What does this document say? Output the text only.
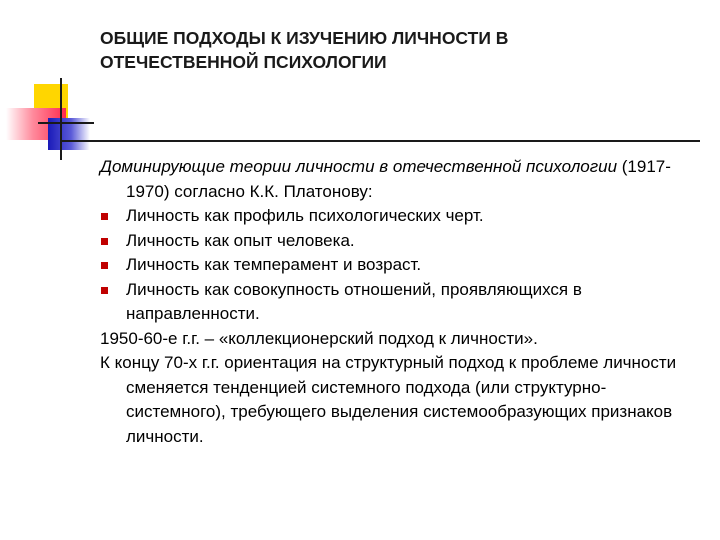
ОБЩИЕ ПОДХОДЫ К ИЗУЧЕНИЮ ЛИЧНОСТИ В
ОТЕЧЕСТВЕННОЙ ПСИХОЛОГИИ

Доминирующие теории личности в отечественной психологии (1917-1970) согласно К.К. Платонову:

Личность как профиль психологических черт.

Личность как опыт человека.

Личность как темперамент и возраст.

Личность как совокупность отношений, проявляющихся в направленности.

1950-60-е г.г. – «коллекционерский подход к личности».

К концу 70-х г.г. ориентация на структурный подход к проблеме личности сменяется тенденцией системного подхода (или структурно-системного), требующего выделения системообразующих признаков личности.
